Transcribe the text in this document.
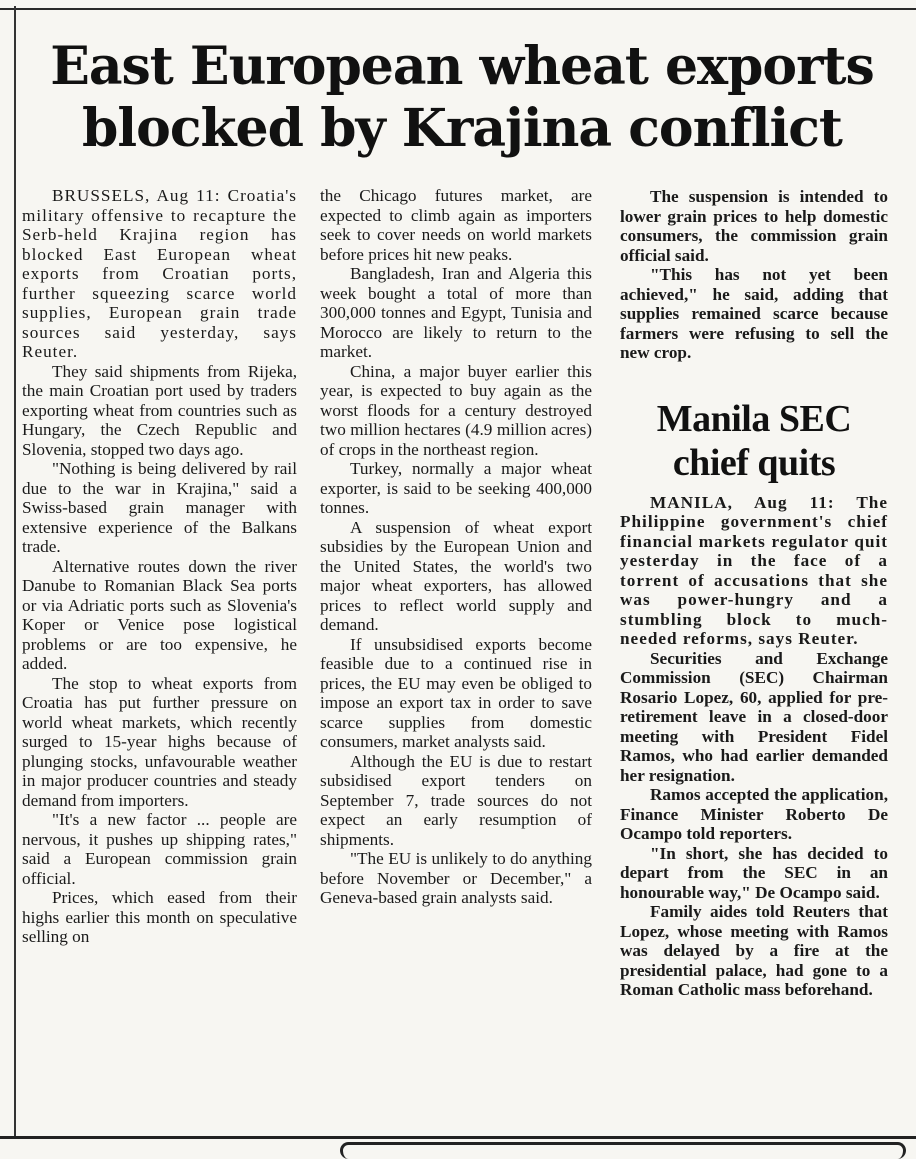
East European wheat exports
blocked by Krajina conflict

BRUSSELS, Aug 11: Croatia's military offensive to recapture the Serb-held Krajina region has blocked East European wheat exports from Croatian ports, further squeezing scarce world supplies, European grain trade sources said yesterday, says Reuter.

They said shipments from Rijeka, the main Croatian port used by traders exporting wheat from countries such as Hungary, the Czech Republic and Slovenia, stopped two days ago.

"Nothing is being delivered by rail due to the war in Krajina," said a Swiss-based grain manager with extensive experience of the Balkans trade.

Alternative routes down the river Danube to Romanian Black Sea ports or via Adriatic ports such as Slovenia's Koper or Venice pose logistical problems or are too expensive, he added.

The stop to wheat exports from Croatia has put further pressure on world wheat markets, which recently surged to 15-year highs because of plunging stocks, unfavourable weather in major producer countries and steady demand from importers.

"It's a new factor ... people are nervous, it pushes up shipping rates," said a European commission grain official.

Prices, which eased from their highs earlier this month on speculative selling on

the Chicago futures market, are expected to climb again as importers seek to cover needs on world markets before prices hit new peaks.

Bangladesh, Iran and Algeria this week bought a total of more than 300,000 tonnes and Egypt, Tunisia and Morocco are likely to return to the market.

China, a major buyer earlier this year, is expected to buy again as the worst floods for a century destroyed two million hectares (4.9 million acres) of crops in the northeast region.

Turkey, normally a major wheat exporter, is said to be seeking 400,000 tonnes.

A suspension of wheat export subsidies by the European Union and the United States, the world's two major wheat exporters, has allowed prices to reflect world supply and demand.

If unsubsidised exports become feasible due to a continued rise in prices, the EU may even be obliged to impose an export tax in order to save scarce supplies from domestic consumers, market analysts said.

Although the EU is due to restart subsidised export tenders on September 7, trade sources do not expect an early resumption of shipments.

"The EU is unlikely to do anything before November or December," a Geneva-based grain analysts said.

The suspension is intended to lower grain prices to help domestic consumers, the commission grain official said.

"This has not yet been achieved," he said, adding that supplies remained scarce because farmers were refusing to sell the new crop.

Manila SEC
chief quits

MANILA, Aug 11: The Philippine government's chief financial markets regulator quit yesterday in the face of a torrent of accusations that she was power-hungry and a stumbling block to much-needed reforms, says Reuter.

Securities and Exchange Commission (SEC) Chairman Rosario Lopez, 60, applied for pre-retirement leave in a closed-door meeting with President Fidel Ramos, who had earlier demanded her resignation.

Ramos accepted the application, Finance Minister Roberto De Ocampo told reporters.

"In short, she has decided to depart from the SEC in an honourable way," De Ocampo said.

Family aides told Reuters that Lopez, whose meeting with Ramos was delayed by a fire at the presidential palace, had gone to a Roman Catholic mass beforehand.
